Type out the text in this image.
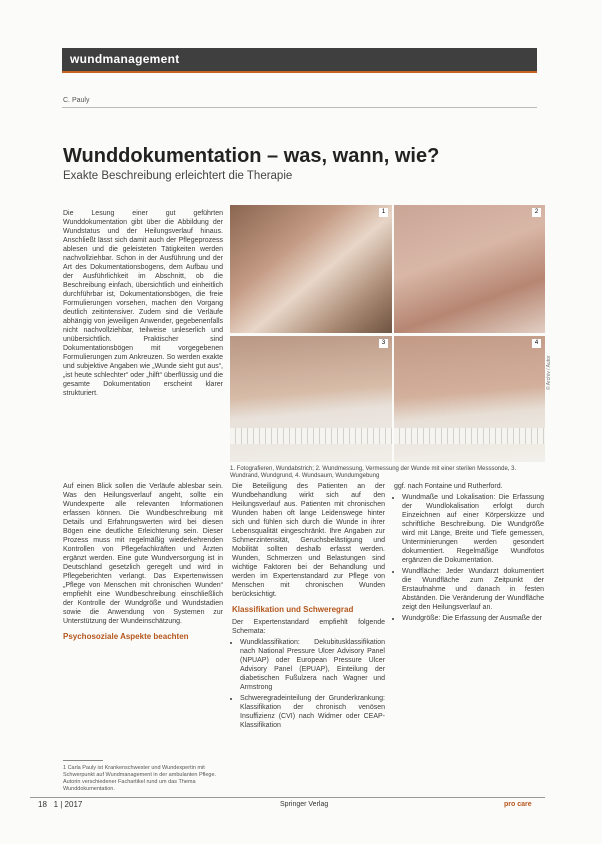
wundmanagement
C. Pauly
Wunddokumentation – was, wann, wie?
Exakte Beschreibung erleichtert die Therapie

Die Lesung einer gut geführten Wunddokumentation gibt über die Abbildung der Wundstatus und der Heilungsverlauf hinaus. Anschließt lässt sich damit auch der Pflegeprozess ablesen und die geleisteten Tätigkeiten werden nachvollziehbar. Schon in der Ausführung und der Art des Dokumentationsbogens, dem Aufbau und der Ausführlichkeit im Abschnitt, ob die Beschreibung einfach, übersichtlich und einheitlich durchführbar ist, Dokumentationsbögen, die freie Formulierungen vorsehen, machen den Vorgang deutlich zeitintensiver. Zudem sind die Verläufe abhängig von jeweiligen Anwender, gegebenenfalls nicht nachvollziehbar, teilweise unleserlich und unübersichtlich. Praktischer sind Dokumentationsbögen mit vorgegebenen Formulierungen zum Ankreuzen. So werden exakte und subjektive Angaben wie „Wunde sieht gut aus“, „ist heute schlechter“ oder „hilft“ überflüssig und die gesamte Dokumentation erscheint klarer strukturiert.

1	2
3	4
© Archiv / Autor
1. Fotografieren, Wundabstrich; 2. Wundmessung, Vermessung der Wunde mit einer sterilen Messsonde, 3. Wundrand, Wundgrund, 4. Wundsaum, Wundumgebung

Auf einen Blick sollen die Verläufe ablesbar sein. Was den Heilungsverlauf angeht, sollte ein Wundexperte alle relevanten Informationen erfassen können. Die Wundbeschreibung mit Details und Erfahrungswerten wird bei diesen Bögen eine deutliche Erleichterung sein. Dieser Prozess muss mit regelmäßig wiederkehrenden Kontrollen von Pflegefachkräften und Ärzten ergänzt werden. Eine gute Wundversorgung ist in Deutschland gesetzlich geregelt und wird in Pflegeberichten verlangt. Das Expertenwissen „Pflege von Menschen mit chronischen Wunden“ empfiehlt eine Wundbeschreibung einschließlich der Kontrolle der Wundgröße und Wundstadien sowie die Anwendung von Systemen zur Unterstützung der Wundeinschätzung.

Psychosoziale Aspekte beachten
1 Carla Pauly ist Krankenschwester und Wundexpertin mit Schwerpunkt auf Wundmanagement in der ambulanten Pflege. Autorin verschiedener Fachartikel rund um das Thema Wunddokumentation.

Die Beteiligung des Patienten an der Wundbehandlung wirkt sich auf den Heilungsverlauf aus. Patienten mit chronischen Wunden haben oft lange Leidenswege hinter sich und fühlen sich durch die Wunde in ihrer Lebensqualität eingeschränkt. Ihre Angaben zur Schmerzintensität, Geruchsbelästigung und Mobilität sollten deshalb erfasst werden. Wunden, Schmerzen und Belastungen sind wichtige Faktoren bei der Behandlung und werden im Expertenstandard zur Pflege von Menschen mit chronischen Wunden berücksichtigt.

Klassifikation und Schweregrad

Der Expertenstandard empfiehlt folgende Schemata:

• Wundklassifikation: Dekubitusklassifikation nach National Pressure Ulcer Advisory Panel (NPUAP) oder European Pressure Ulcer Advisory Panel (EPUAP), Einteilung der diabetischen Fußulzera nach Wagner und Armstrong
• Schweregradeinteilung der Grunderkrankung: Klassifikation der chronisch venösen Insuffizienz (CVI) nach Widmer oder CEAP-Klassifikation

ggf. nach Fontaine und Rutherford.

• Wundmaße und Lokalisation: Die Erfassung der Wundlokalisation erfolgt durch Einzeichnen auf einer Körperskizze und schriftliche Beschreibung. Die Wundgröße wird mit Länge, Breite und Tiefe gemessen, Unterminierungen werden gesondert dokumentiert. Regelmäßige Wundfotos ergänzen die Dokumentation.
• Wundfläche: Jeder Wundarzt dokumentiert die Wundfläche zum Zeitpunkt der Erstaufnahme und danach in festen Abständen. Die Veränderung der Wundfläche zeigt den Heilungsverlauf an.
• Wundgröße: Die Erfassung der Ausmaße der
18 1 | 2017	Springer Verlag	pro care
